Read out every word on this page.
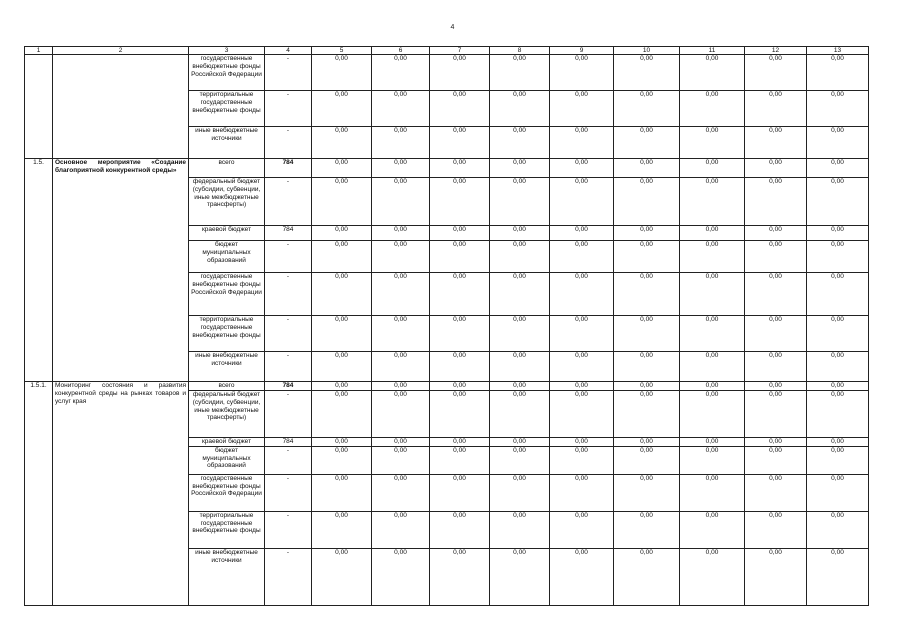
4
1	2	3	4	5	6	7	8	9	10	11	12	13
		государственные внебюджетные фонды Российской Федерации	-	0,00	0,00	0,00	0,00	0,00	0,00	0,00	0,00	0,00
		территориальные государственные внебюджетные фонды	-	0,00	0,00	0,00	0,00	0,00	0,00	0,00	0,00	0,00
		иные внебюджетные источники	-	0,00	0,00	0,00	0,00	0,00	0,00	0,00	0,00	0,00
1.5.	Основное мероприятие «Создание благоприятной конкурентной среды»	всего	784	0,00	0,00	0,00	0,00	0,00	0,00	0,00	0,00	0,00
		федеральный бюджет (субсидии, субвенции, иные межбюджетные трансферты)	-	0,00	0,00	0,00	0,00	0,00	0,00	0,00	0,00	0,00
		краевой бюджет	784	0,00	0,00	0,00	0,00	0,00	0,00	0,00	0,00	0,00
		бюджет муниципальных образований	-	0,00	0,00	0,00	0,00	0,00	0,00	0,00	0,00	0,00
		государственные внебюджетные фонды Российской Федерации	-	0,00	0,00	0,00	0,00	0,00	0,00	0,00	0,00	0,00
		территориальные государственные внебюджетные фонды	-	0,00	0,00	0,00	0,00	0,00	0,00	0,00	0,00	0,00
		иные внебюджетные источники	-	0,00	0,00	0,00	0,00	0,00	0,00	0,00	0,00	0,00
1.5.1.	Мониторинг состояния и развития конкурентной среды на рынках товаров и услуг края	всего	784	0,00	0,00	0,00	0,00	0,00	0,00	0,00	0,00	0,00
		федеральный бюджет (субсидии, субвенции, иные межбюджетные трансферты)	-	0,00	0,00	0,00	0,00	0,00	0,00	0,00	0,00	0,00
		краевой бюджет	784	0,00	0,00	0,00	0,00	0,00	0,00	0,00	0,00	0,00
		бюджет муниципальных образований	-	0,00	0,00	0,00	0,00	0,00	0,00	0,00	0,00	0,00
		государственные внебюджетные фонды Российской Федерации	-	0,00	0,00	0,00	0,00	0,00	0,00	0,00	0,00	0,00
		территориальные государственные внебюджетные фонды	-	0,00	0,00	0,00	0,00	0,00	0,00	0,00	0,00	0,00
		иные внебюджетные источники	-	0,00	0,00	0,00	0,00	0,00	0,00	0,00	0,00	0,00
